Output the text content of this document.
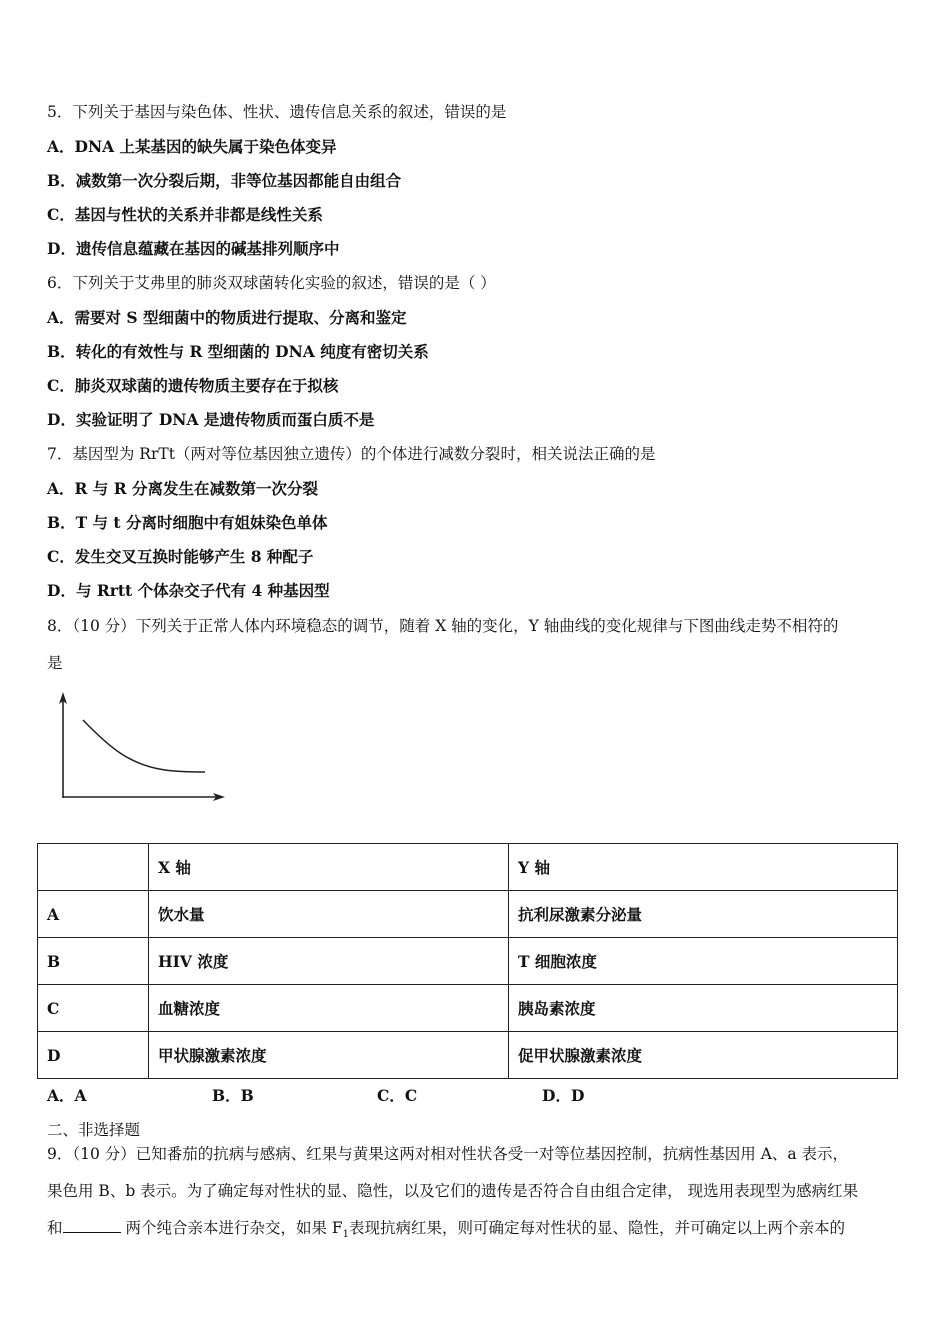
5．下列关于基因与染色体、性状、遗传信息关系的叙述，错误的是
A．DNA 上某基因的缺失属于染色体变异
B．减数第一次分裂后期，非等位基因都能自由组合
C．基因与性状的关系并非都是线性关系
D．遗传信息蕴藏在基因的碱基排列顺序中
6．下列关于艾弗里的肺炎双球菌转化实验的叙述，错误的是（ ）
A．需要对 S 型细菌中的物质进行提取、分离和鉴定
B．转化的有效性与 R 型细菌的 DNA 纯度有密切关系
C．肺炎双球菌的遗传物质主要存在于拟核
D．实验证明了 DNA 是遗传物质而蛋白质不是
7．基因型为 RrTt（两对等位基因独立遗传）的个体进行减数分裂时，相关说法正确的是
A．R 与 R 分离发生在减数第一次分裂
B．T 与 t 分离时细胞中有姐妹染色单体
C．发生交叉互换时能够产生 8 种配子
D．与 Rrtt 个体杂交子代有 4 种基因型
8．（10 分）下列关于正常人体内环境稳态的调节，随着 X 轴的变化，Y 轴曲线的变化规律与下图曲线走势不相符的
是
	X 轴	Y 轴
A	饮水量	抗利尿激素分泌量
B	HIV 浓度	T 细胞浓度
C	血糖浓度	胰岛素浓度
D	甲状腺激素浓度	促甲状腺激素浓度
A．A	B．B	C．C	D．D
二、非选择题
9．（10 分）已知番茄的抗病与感病、红果与黄果这两对相对性状各受一对等位基因控制，抗病性基因用 A、a 表示，
果色用 B、b 表示。为了确定每对性状的显、隐性，以及它们的遗传是否符合自由组合定律， 现选用表现型为感病红果
和	两个纯合亲本进行杂交，如果 $F_1$表现抗病红果，则可确定每对性状的显、隐性，并可确定以上两个亲本的
